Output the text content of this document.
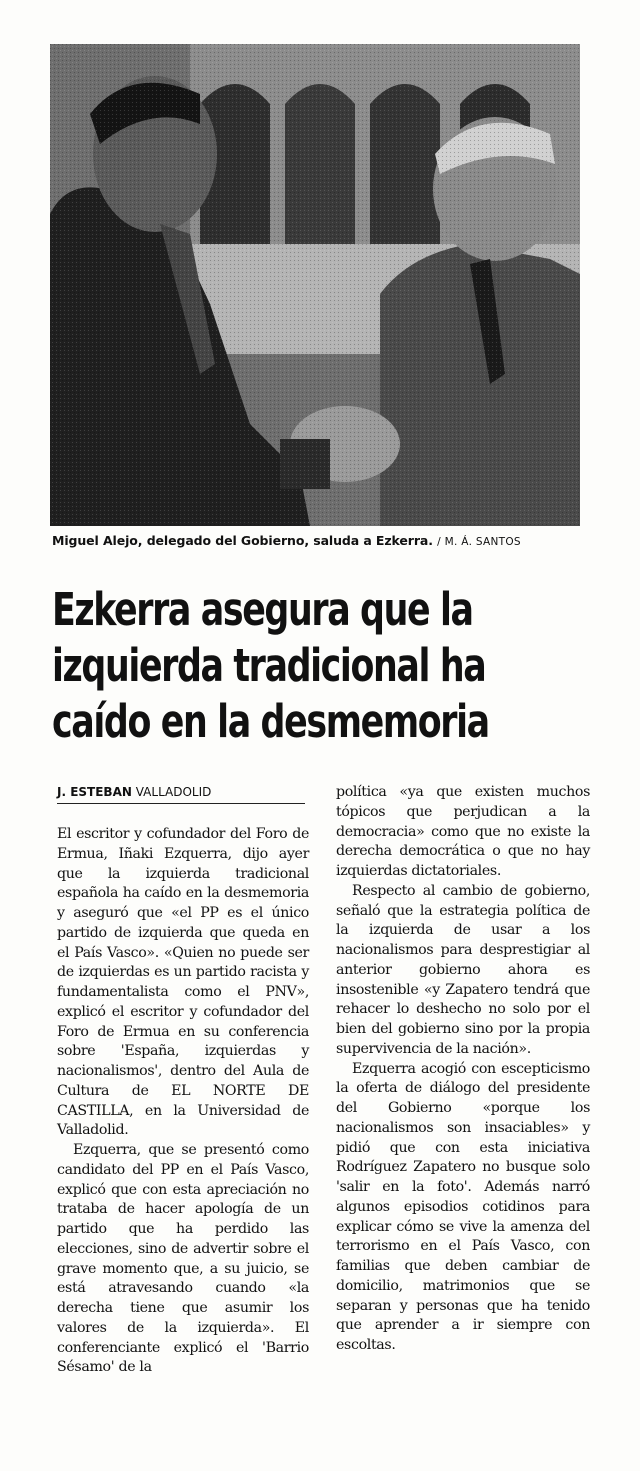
Miguel Alejo, delegado del Gobierno, saluda a Ezkerra. / M. Á. SANTOS
Ezkerra asegura que la izquierda tradicional ha caído en la desmemoria
J. ESTEBAN VALLADOLID

El escritor y cofundador del Foro de Ermua, Iñaki Ezquerra, dijo ayer que la izquierda tradicional española ha caído en la desmemoria y aseguró que «el PP es el único partido de izquierda que queda en el País Vasco». «Quien no puede ser de izquierdas es un partido racista y fundamentalista como el PNV», explicó el escritor y cofundador del Foro de Ermua en su conferencia sobre 'España, izquierdas y nacionalismos', dentro del Aula de Cultura de EL NORTE DE CASTILLA, en la Universidad de Valladolid.

Ezquerra, que se presentó como candidato del PP en el País Vasco, explicó que con esta apreciación no trataba de hacer apología de un partido que ha perdido las elecciones, sino de advertir sobre el grave momento que, a su juicio, se está atravesando cuando «la derecha tiene que asumir los valores de la izquierda». El conferenciante explicó el 'Barrio Sésamo' de la

política «ya que existen muchos tópicos que perjudican a la democracia» como que no existe la derecha democrática o que no hay izquierdas dictatoriales.

Respecto al cambio de gobierno, señaló que la estrategia política de la izquierda de usar a los nacionalismos para desprestigiar al anterior gobierno ahora es insostenible «y Zapatero tendrá que rehacer lo deshecho no solo por el bien del gobierno sino por la propia supervivencia de la nación».

Ezquerra acogió con escepticismo la oferta de diálogo del presidente del Gobierno «porque los nacionalismos son insaciables» y pidió que con esta iniciativa Rodríguez Zapatero no busque solo 'salir en la foto'. Además narró algunos episodios cotidinos para explicar cómo se vive la amenza del terrorismo en el País Vasco, con familias que deben cambiar de domicilio, matrimonios que se separan y personas que ha tenido que aprender a ir siempre con escoltas.
